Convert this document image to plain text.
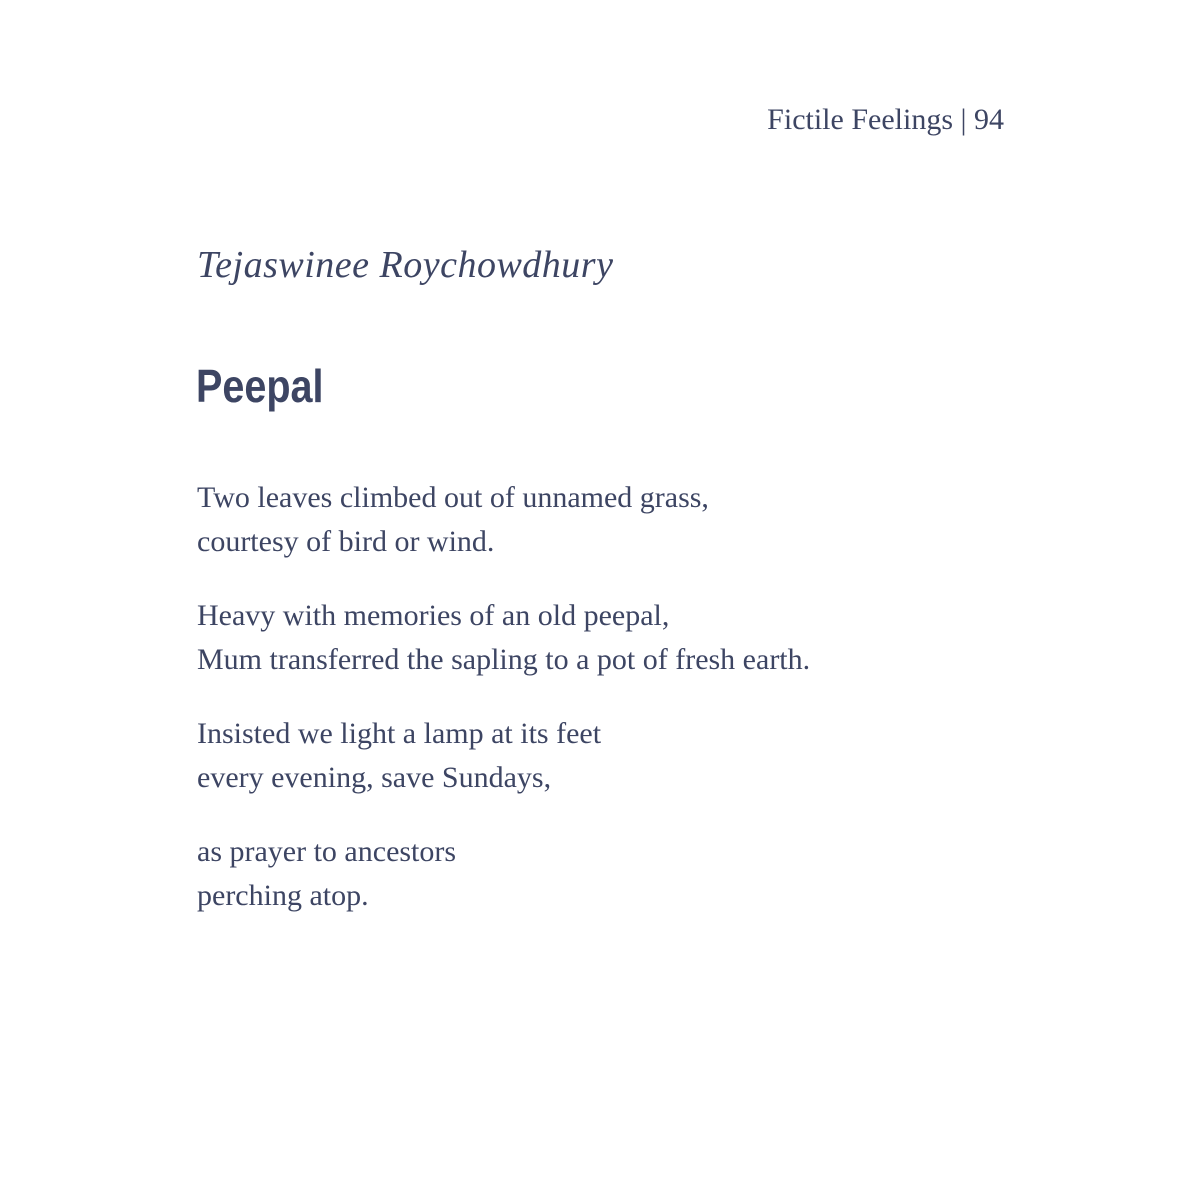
Fictile Feelings | 94
Tejaswinee Roychowdhury
Peepal
Two leaves climbed out of unnamed grass,
courtesy of bird or wind.
Heavy with memories of an old peepal,
Mum transferred the sapling to a pot of fresh earth.
Insisted we light a lamp at its feet
every evening, save Sundays,
as prayer to ancestors
perching atop.
